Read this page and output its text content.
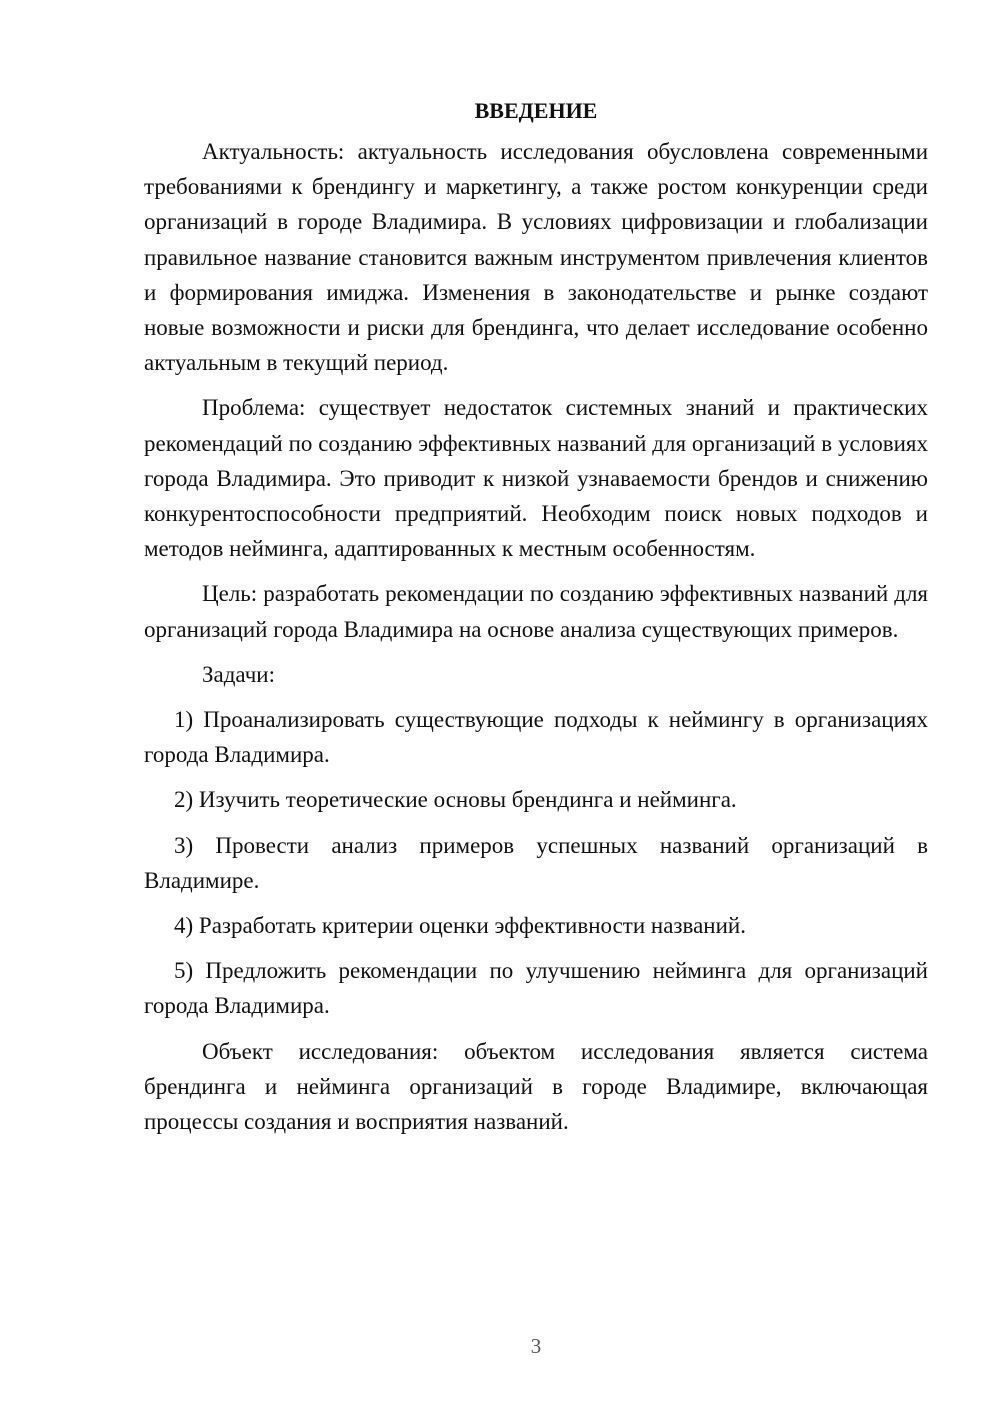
ВВЕДЕНИЕ

Актуальность: актуальность исследования обусловлена современными требованиями к брендингу и маркетингу, а также ростом конкуренции среди организаций в городе Владимира. В условиях цифровизации и глобализации правильное название становится важным инструментом привлечения клиентов и формирования имиджа. Изменения в законодательстве и рынке создают новые возможности и риски для брендинга, что делает исследование особенно актуальным в текущий период.

Проблема: существует недостаток системных знаний и практических рекомендаций по созданию эффективных названий для организаций в условиях города Владимира. Это приводит к низкой узнаваемости брендов и снижению конкурентоспособности предприятий. Необходим поиск новых подходов и методов нейминга, адаптированных к местным особенностям.

Цель: разработать рекомендации по созданию эффективных названий для организаций города Владимира на основе анализа существующих примеров.

Задачи:

1) Проанализировать существующие подходы к неймингу в организациях города Владимира.

2) Изучить теоретические основы брендинга и нейминга.

3) Провести анализ примеров успешных названий организаций в Владимире.

4) Разработать критерии оценки эффективности названий.

5) Предложить рекомендации по улучшению нейминга для организаций города Владимира.

Объект исследования: объектом исследования является система брендинга и нейминга организаций в городе Владимире, включающая процессы создания и восприятия названий.

3
